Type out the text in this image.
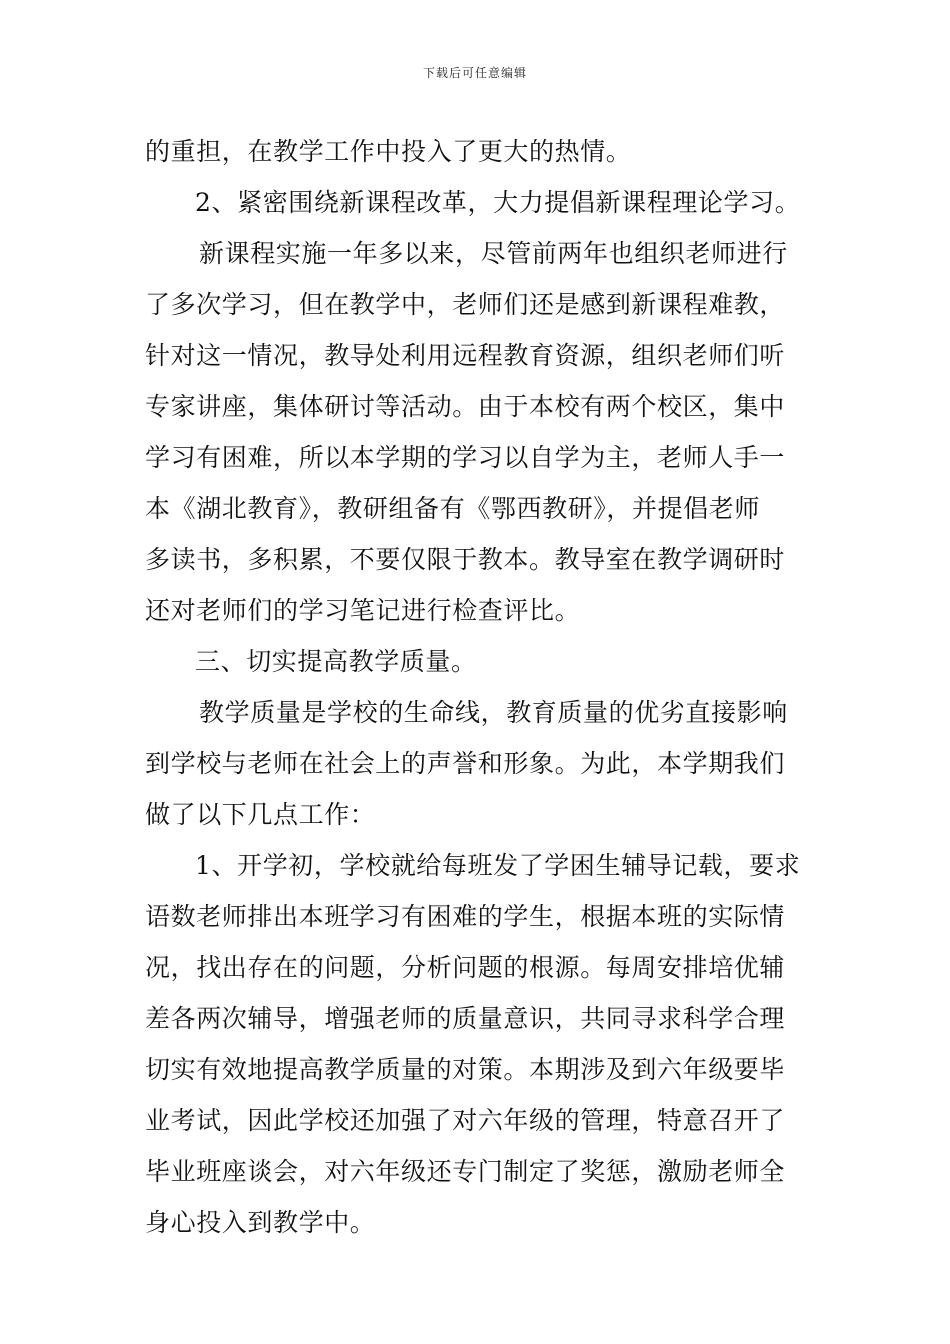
下载后可任意编辑
的重担，在教学工作中投入了更大的热情。
2、紧密围绕新课程改革，大力提倡新课程理论学习。
新课程实施一年多以来，尽管前两年也组织老师进行
了多次学习，但在教学中，老师们还是感到新课程难教，
针对这一情况，教导处利用远程教育资源，组织老师们听
专家讲座，集体研讨等活动。由于本校有两个校区，集中
学习有困难，所以本学期的学习以自学为主，老师人手一
本《湖北教育》，教研组备有《鄂西教研》，并提倡老师
多读书，多积累，不要仅限于教本。教导室在教学调研时
还对老师们的学习笔记进行检查评比。
三、切实提高教学质量。
教学质量是学校的生命线，教育质量的优劣直接影响
到学校与老师在社会上的声誉和形象。为此，本学期我们
做了以下几点工作：
1、开学初，学校就给每班发了学困生辅导记载，要求
语数老师排出本班学习有困难的学生，根据本班的实际情
况，找出存在的问题，分析问题的根源。每周安排培优辅
差各两次辅导，增强老师的质量意识，共同寻求科学合理
切实有效地提高教学质量的对策。本期涉及到六年级要毕
业考试，因此学校还加强了对六年级的管理，特意召开了
毕业班座谈会，对六年级还专门制定了奖惩，激励老师全
身心投入到教学中。
